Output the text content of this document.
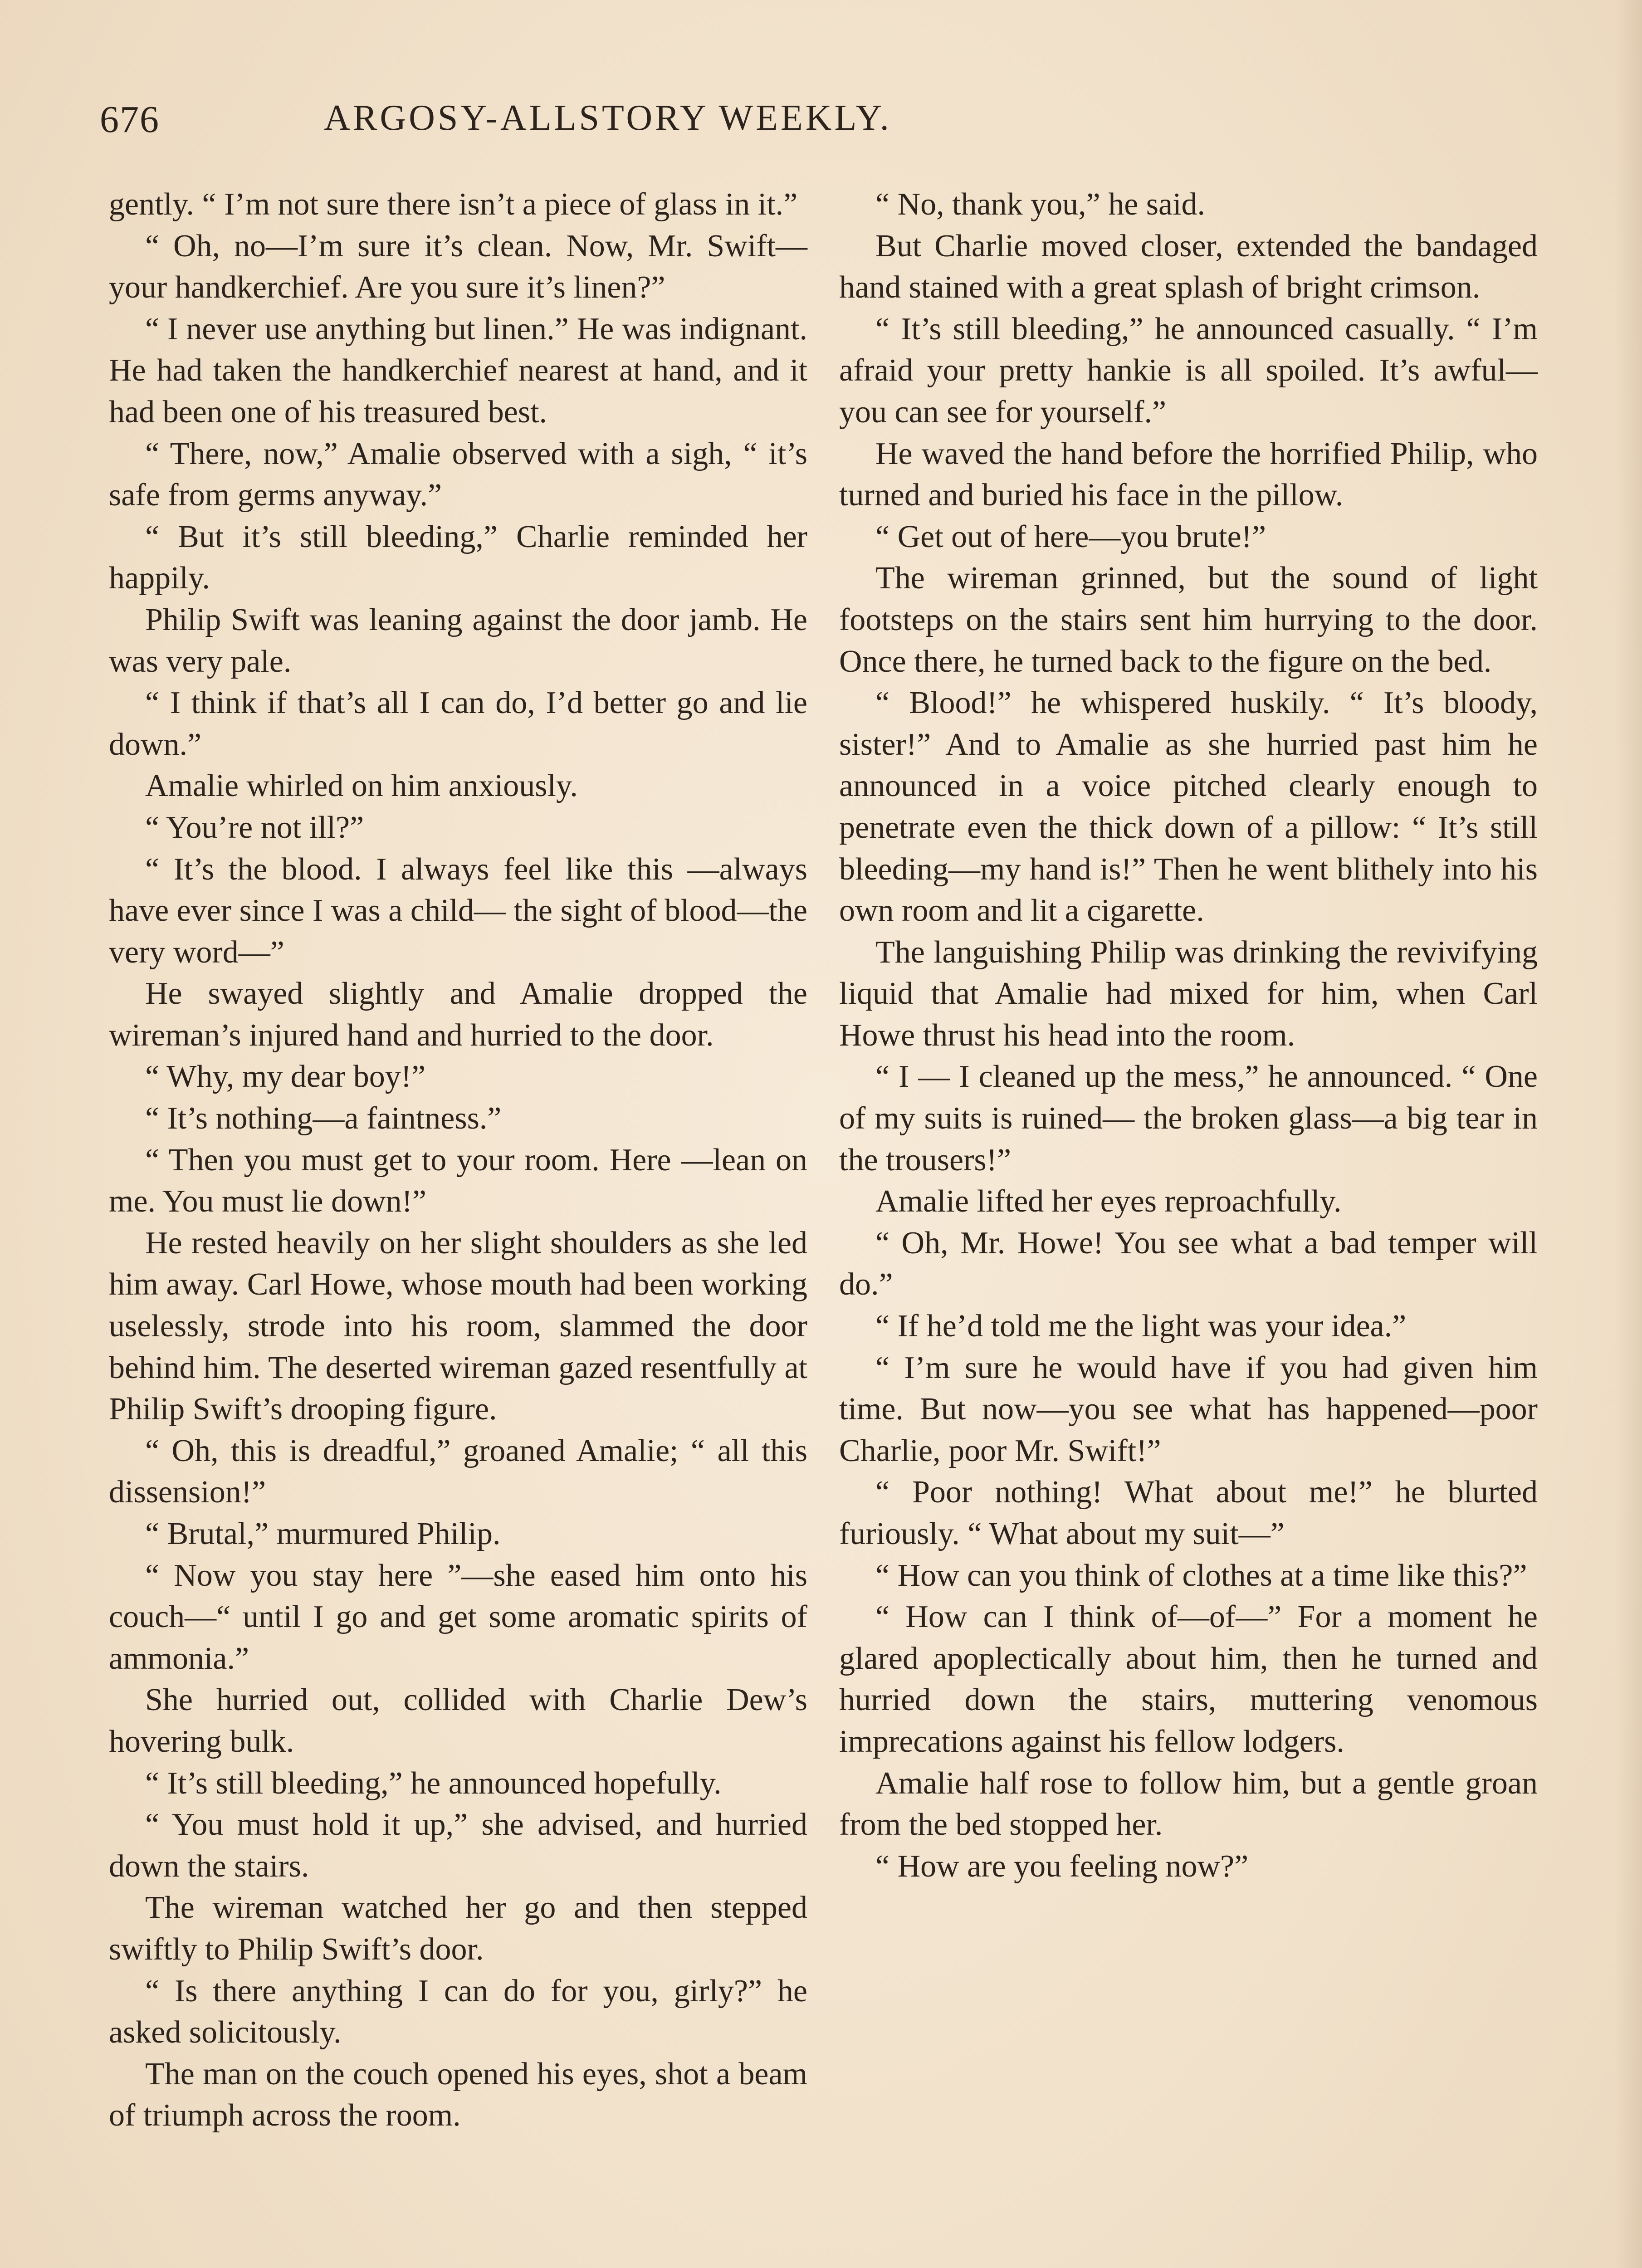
676	ARGOSY-ALLSTORY WEEKLY.

gently. “ I’m not sure there isn’t a piece of glass in it.”

“ Oh, no—I’m sure it’s clean. Now, Mr. Swift—your handkerchief. Are you sure it’s linen?”

“ I never use anything but linen.” He was indignant. He had taken the handkerchief nearest at hand, and it had been one of his treasured best.

“ There, now,” Amalie observed with a sigh, “ it’s safe from germs anyway.”

“ But it’s still bleeding,” Charlie reminded her happily.

Philip Swift was leaning against the door jamb. He was very pale.

“ I think if that’s all I can do, I’d better go and lie down.”

Amalie whirled on him anxiously.

“ You’re not ill?”

“ It’s the blood. I always feel like this —always have ever since I was a child— the sight of blood—the very word—”

He swayed slightly and Amalie dropped the wireman’s injured hand and hurried to the door.

“ Why, my dear boy!”

“ It’s nothing—a faintness.”

“ Then you must get to your room. Here —lean on me. You must lie down!”

He rested heavily on her slight shoulders as she led him away. Carl Howe, whose mouth had been working uselessly, strode into his room, slammed the door behind him. The deserted wireman gazed resentfully at Philip Swift’s drooping figure.

“ Oh, this is dreadful,” groaned Amalie; “ all this dissension!”

“ Brutal,” murmured Philip.

“ Now you stay here ”—she eased him onto his couch—“ until I go and get some aromatic spirits of ammonia.”

She hurried out, collided with Charlie Dew’s hovering bulk.

“ It’s still bleeding,” he announced hopefully.

“ You must hold it up,” she advised, and hurried down the stairs.

The wireman watched her go and then stepped swiftly to Philip Swift’s door.

“ Is there anything I can do for you, girly?” he asked solicitously.

The man on the couch opened his eyes, shot a beam of triumph across the room.

“ No, thank you,” he said.

But Charlie moved closer, extended the bandaged hand stained with a great splash of bright crimson.

“ It’s still bleeding,” he announced casually. “ I’m afraid your pretty hankie is all spoiled. It’s awful—you can see for yourself.”

He waved the hand before the horrified Philip, who turned and buried his face in the pillow.

“ Get out of here—you brute!”

The wireman grinned, but the sound of light footsteps on the stairs sent him hurrying to the door. Once there, he turned back to the figure on the bed.

“ Blood!” he whispered huskily. “ It’s bloody, sister!” And to Amalie as she hurried past him he announced in a voice pitched clearly enough to penetrate even the thick down of a pillow: “ It’s still bleeding—my hand is!” Then he went blithely into his own room and lit a cigarette.

The languishing Philip was drinking the revivifying liquid that Amalie had mixed for him, when Carl Howe thrust his head into the room.

“ I — I cleaned up the mess,” he announced. “ One of my suits is ruined— the broken glass—a big tear in the trousers!”

Amalie lifted her eyes reproachfully.

“ Oh, Mr. Howe! You see what a bad temper will do.”

“ If he’d told me the light was your idea.”

“ I’m sure he would have if you had given him time. But now—you see what has happened—poor Charlie, poor Mr. Swift!”

“ Poor nothing! What about me!” he blurted furiously. “ What about my suit—”

“ How can you think of clothes at a time like this?”

“ How can I think of—of—” For a moment he glared apoplectically about him, then he turned and hurried down the stairs, muttering venomous imprecations against his fellow lodgers.

Amalie half rose to follow him, but a gentle groan from the bed stopped her.

“ How are you feeling now?”
